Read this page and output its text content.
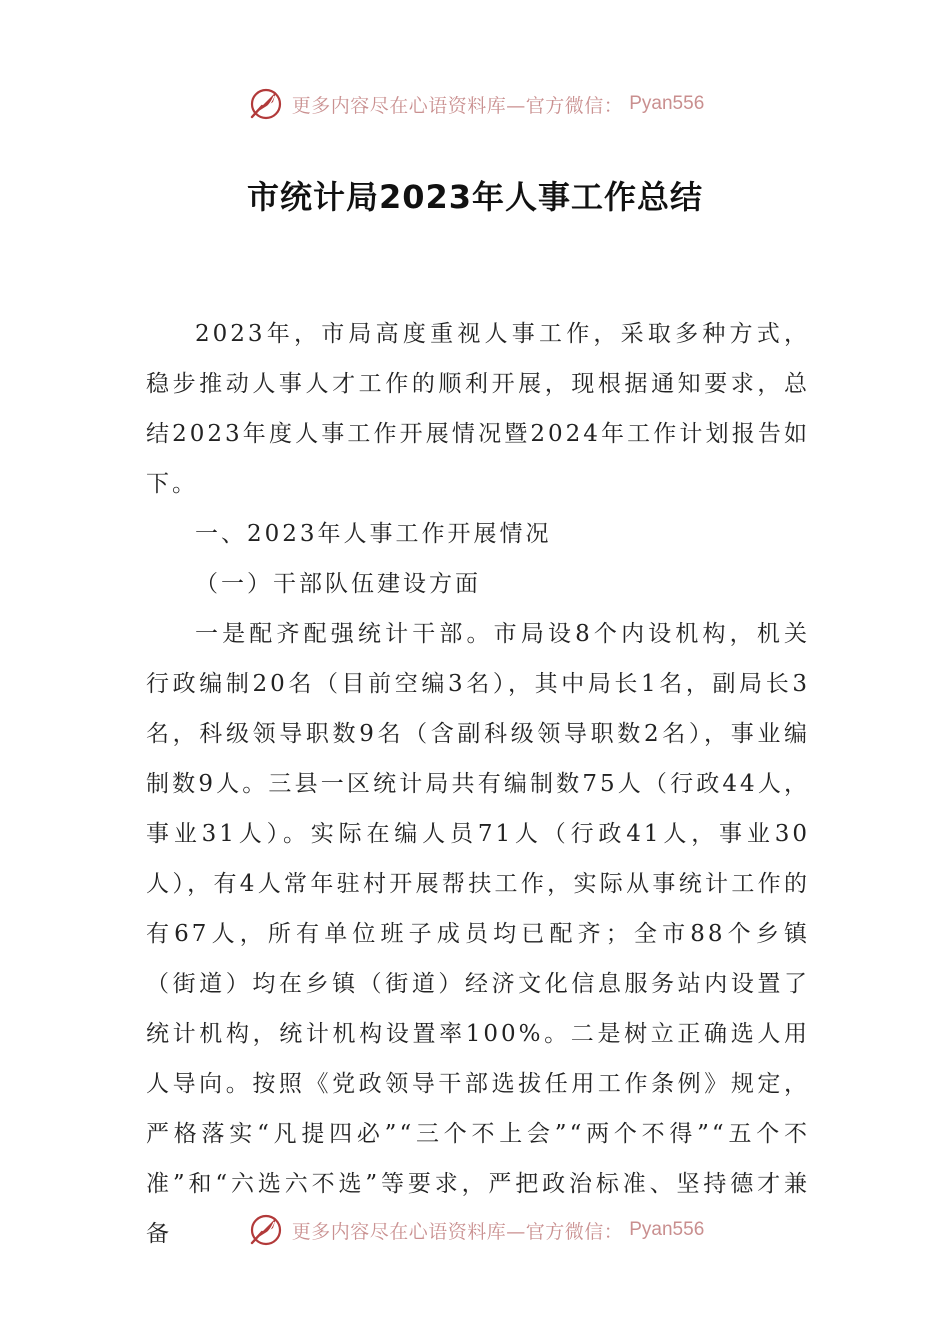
更多内容尽在心语资料库—官方微信： Pyan556
市统计局2023年人事工作总结

2023年，市局高度重视人事工作，采取多种方式，稳步推动人事人才工作的顺利开展，现根据通知要求，总结2023年度人事工作开展情况暨2024年工作计划报告如下。

一、2023年人事工作开展情况

（一）干部队伍建设方面

一是配齐配强统计干部。市局设8个内设机构，机关行政编制20名（目前空编3名），其中局长1名，副局长3名，科级领导职数9名（含副科级领导职数2名），事业编制数9人。三县一区统计局共有编制数75人（行政44人，事业31人）。实际在编人员71人（行政41人，事业30人），有4人常年驻村开展帮扶工作，实际从事统计工作的有67人，所有单位班子成员均已配齐；全市88个乡镇（街道）均在乡镇（街道）经济文化信息服务站内设置了统计机构，统计机构设置率100%。二是树立正确选人用人导向。按照《党政领导干部选拔任用工作条例》规定，严格落实“凡提四必”“三个不上会”“两个不得”“五个不准”和“六选六不选”等要求，严把政治标准、坚持德才兼备	更多内容尽在心语资料库—官方微信： Pyan556
